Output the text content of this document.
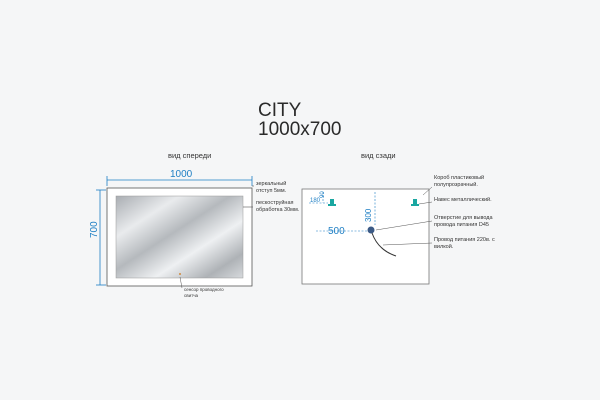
CITY
1000x700
вид спереди	вид сзади
1000
700
зеркальный отступ 5мм.
пескоструйная обработка 30мм.
сенсор проводного свитча
500
300
180
90
Короб пластиковый полупрозрачный.
Навес металлический.
Отверстие для вывода провода питания D45
Провод питания 220в. с вилкой.
